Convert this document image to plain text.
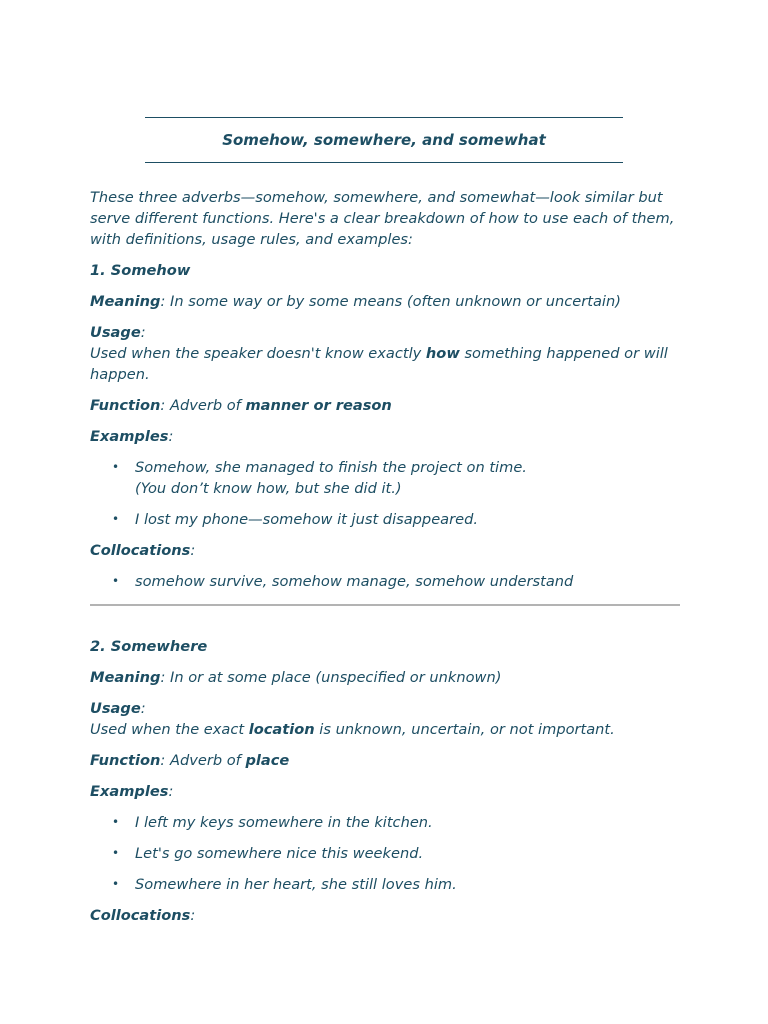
Somehow, somewhere, and somewhat

These three adverbs—somehow, somewhere, and somewhat—look similar but serve different functions. Here's a clear breakdown of how to use each of them, with definitions, usage rules, and examples:

1. Somehow

Meaning: In some way or by some means (often unknown or uncertain)

Usage:
Used when the speaker doesn't know exactly how something happened or will happen.

Function: Adverb of manner or reason

Examples:

• Somehow, she managed to finish the project on time.
(You don’t know how, but she did it.)
• I lost my phone—somehow it just disappeared.

Collocations:

• somehow survive, somehow manage, somehow understand

2. Somewhere

Meaning: In or at some place (unspecified or unknown)

Usage:
Used when the exact location is unknown, uncertain, or not important.

Function: Adverb of place

Examples:

• I left my keys somewhere in the kitchen.
• Let's go somewhere nice this weekend.
• Somewhere in her heart, she still loves him.

Collocations:
